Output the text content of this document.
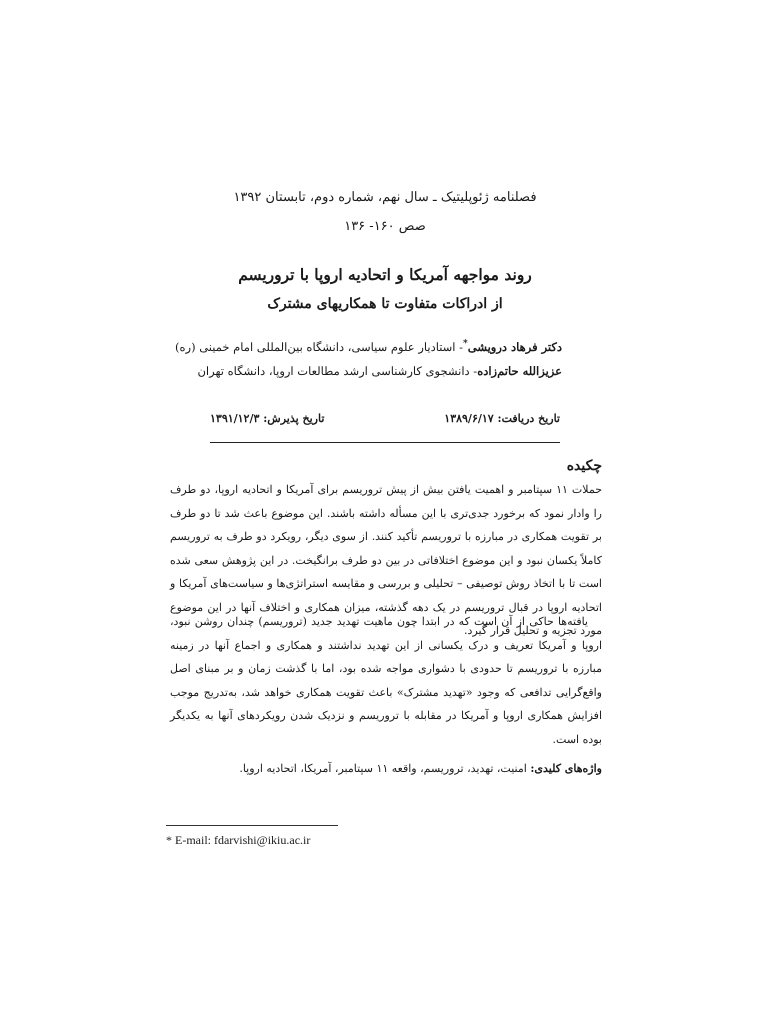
فصلنامه ژئوپلیتیک ـ سال نهم، شماره دوم، تابستان ۱۳۹۲
صص ۱۶۰- ۱۳۶
روند مواجهه آمریکا و اتحادیه اروپا با تروریسم
از ادراکات متفاوت تا همکاریهای مشترک
دکتر فرهاد درویشی*- استادیار علوم سیاسی، دانشگاه بین‌المللی امام خمینی (ره)
عزیزالله حاتم‌زاده- دانشجوی کارشناسی ارشد مطالعات اروپا، دانشگاه تهران
تاریخ دریافت: ۱۳۸۹/۶/۱۷
تاریخ پذیرش: ۱۳۹۱/۱۲/۳
چکیده
حملات ۱۱ سپتامبر و اهمیت یافتن بیش از پیش تروریسم برای آمریکا و اتحادیه اروپا، دو طرف را وادار نمود که برخورد جدی‌تری با این مسأله داشته باشند. این موضوع باعث شد تا دو طرف بر تقویت همکاری در مبارزه با تروریسم تأکید کنند. از سوی دیگر، رویکرد دو طرف به تروریسم کاملاً یکسان نبود و این موضوع اختلافاتی در بین دو طرف برانگیخت. در این پژوهش سعی شده است تا با اتخاذ روش توصیفی – تحلیلی و بررسی و مقایسه استراتژی‌ها و سیاست‌های آمریکا و اتحادیه اروپا در قبال تروریسم در یک دهه گذشته، میزان همکاری و اختلاف آنها در این موضوع مورد تجزیه و تحلیل قرار گیرد.
یافته‌ها حاکی از آن است که در ابتدا چون ماهیت تهدید جدید (تروریسم) چندان روشن نبود، اروپا و آمریکا تعریف و درک یکسانی از این تهدید نداشتند و همکاری و اجماع آنها در زمینه مبارزه با تروریسم تا حدودی با دشواری مواجه شده بود، اما با گذشت زمان و بر مبنای اصل واقع‌گرایی تدافعی که وجود «تهدید مشترک» باعث تقویت همکاری خواهد شد، به‌تدریج موجب افزایش همکاری اروپا و آمریکا در مقابله با تروریسم و نزدیک شدن رویکردهای آنها به یکدیگر بوده است.
واژه‌های کلیدی: امنیت، تهدید، تروریسم، واقعه ۱۱ سپتامبر، آمریکا، اتحادیه اروپا.
* E-mail: fdarvishi@ikiu.ac.ir
